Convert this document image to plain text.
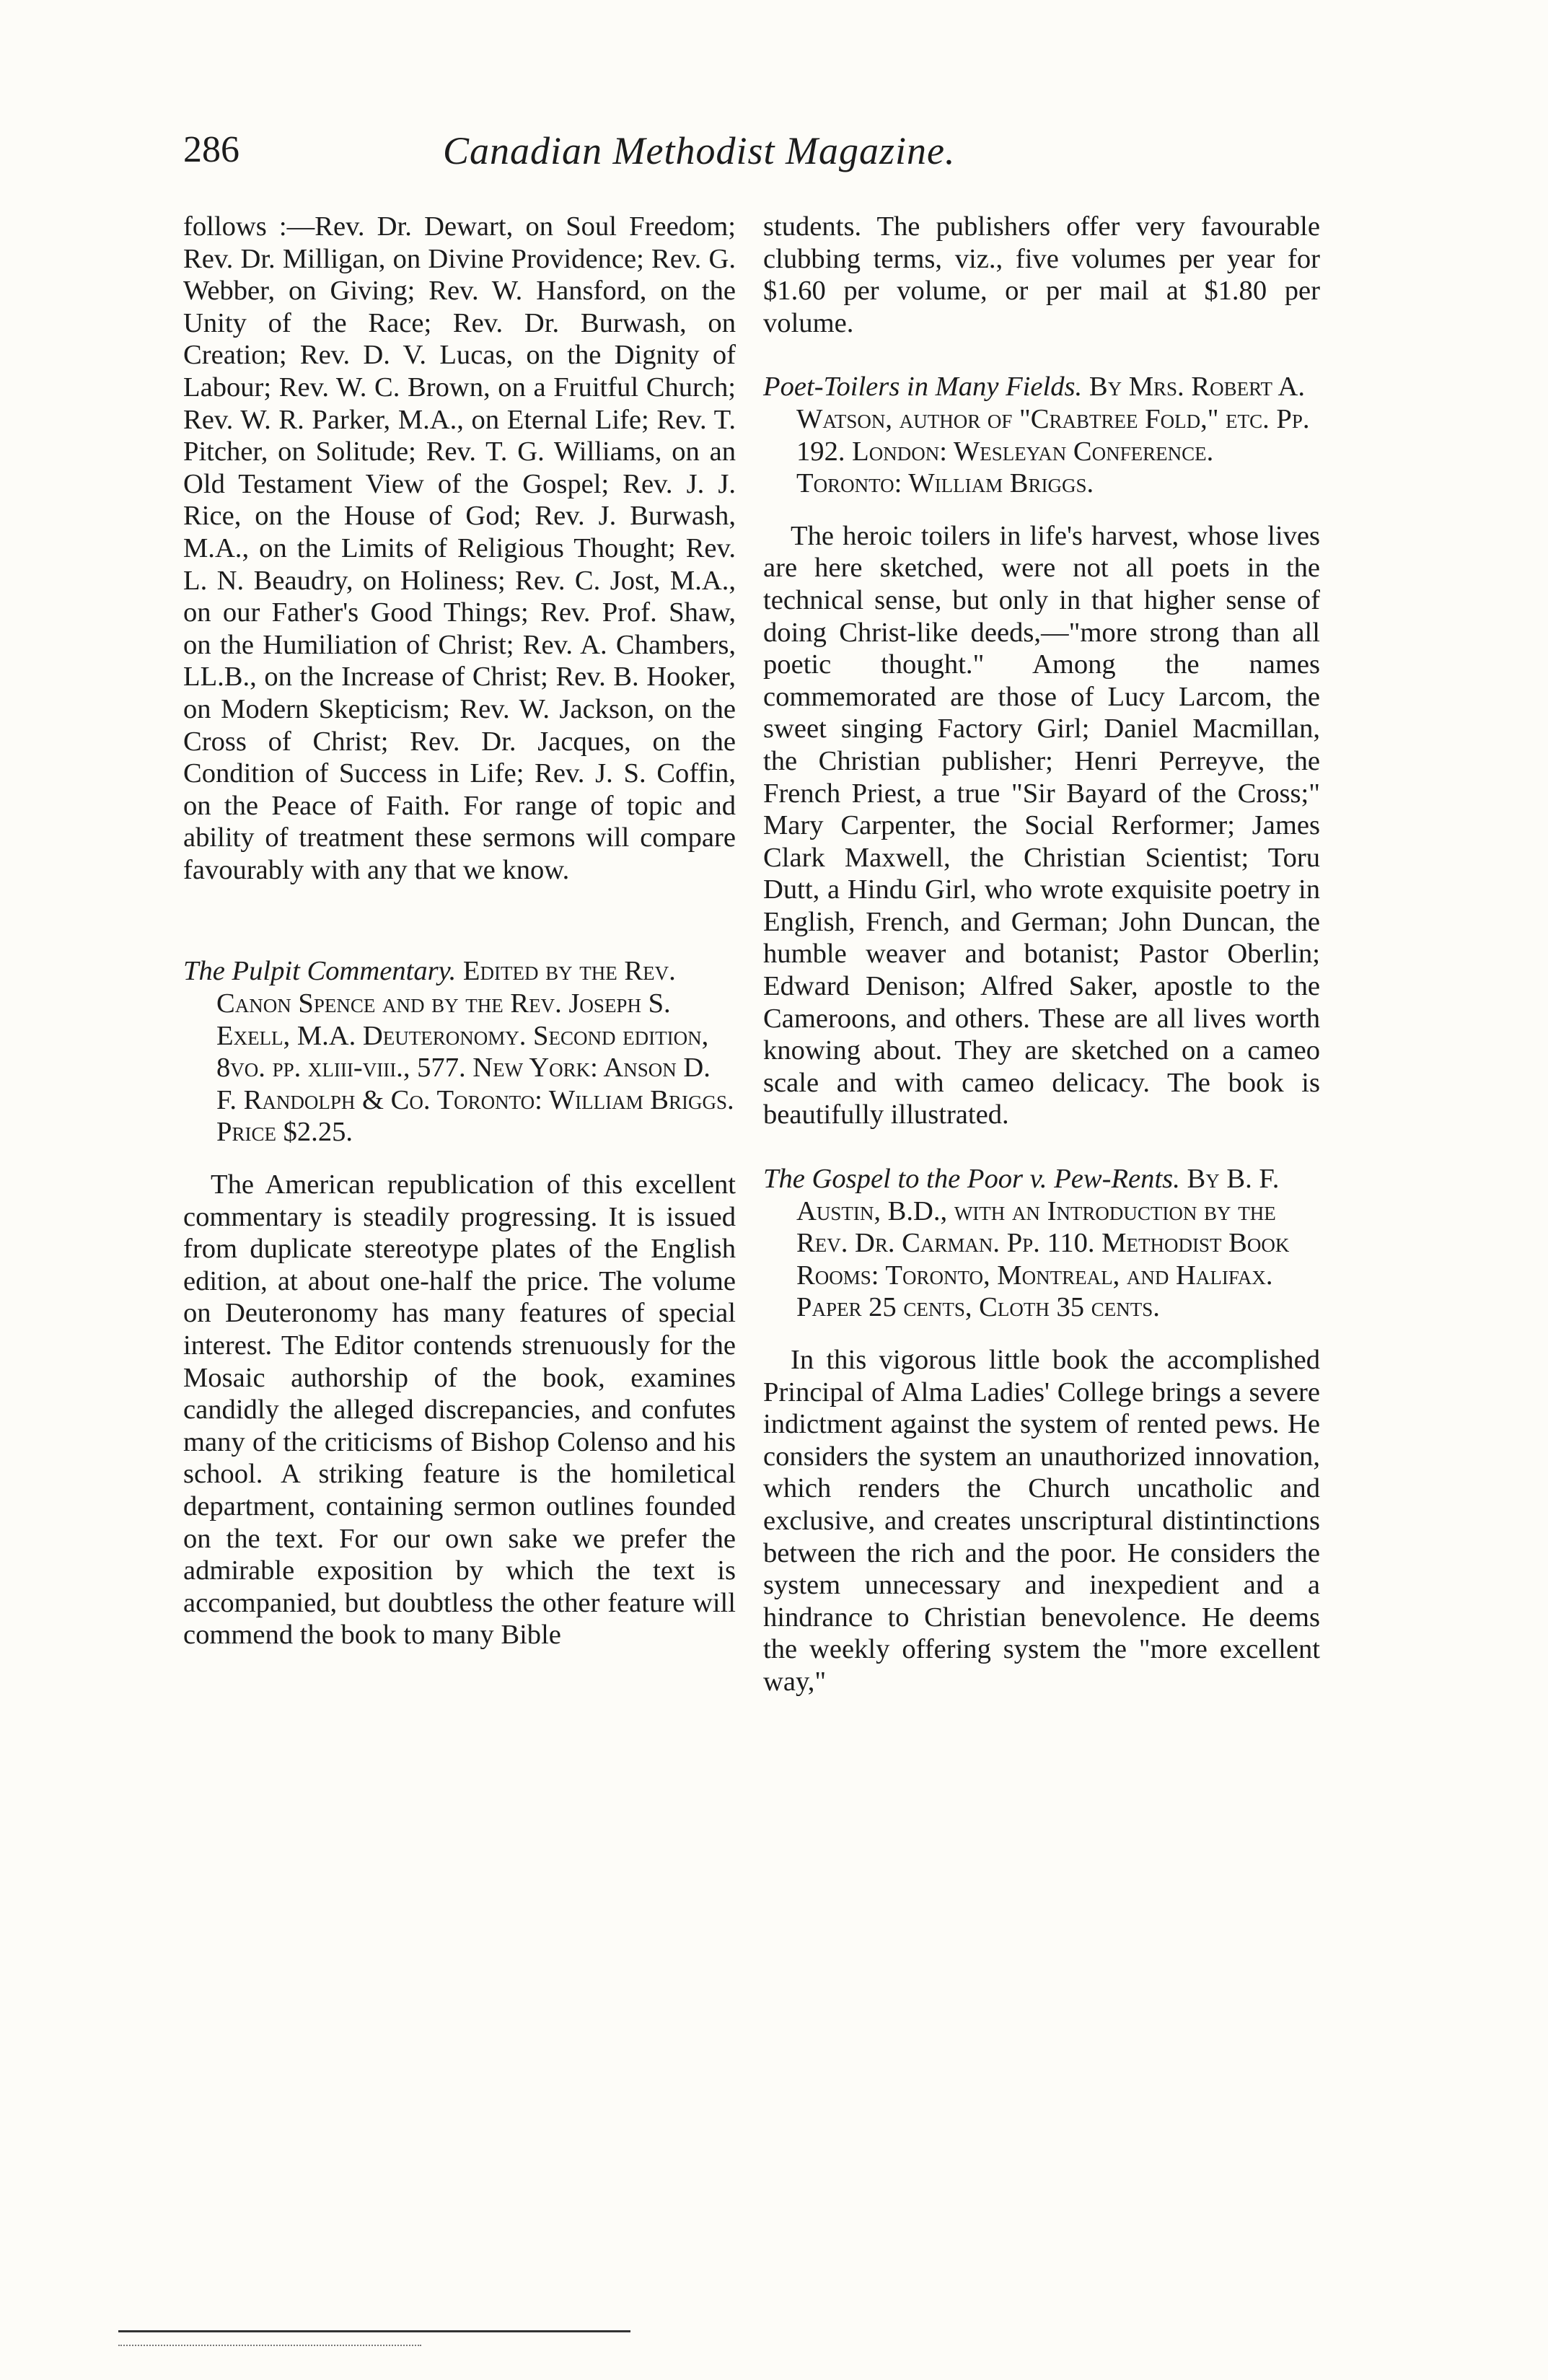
286	Canadian Methodist Magazine.

follows :—Rev. Dr. Dewart, on Soul Freedom; Rev. Dr. Milligan, on Divine Providence; Rev. G. Webber, on Giving; Rev. W. Hansford, on the Unity of the Race; Rev. Dr. Burwash, on Creation; Rev. D. V. Lucas, on the Dignity of Labour; Rev. W. C. Brown, on a Fruitful Church; Rev. W. R. Parker, M.A., on Eternal Life; Rev. T. Pitcher, on Solitude; Rev. T. G. Williams, on an Old Testament View of the Gospel; Rev. J. J. Rice, on the House of God; Rev. J. Burwash, M.A., on the Limits of Religious Thought; Rev. L. N. Beaudry, on Holiness; Rev. C. Jost, M.A., on our Father's Good Things; Rev. Prof. Shaw, on the Humiliation of Christ; Rev. A. Chambers, LL.B., on the Increase of Christ; Rev. B. Hooker, on Modern Skepticism; Rev. W. Jackson, on the Cross of Christ; Rev. Dr. Jacques, on the Condition of Success in Life; Rev. J. S. Coffin, on the Peace of Faith. For range of topic and ability of treatment these sermons will compare favourably with any that we know.

The Pulpit Commentary. Edited by the Rev. Canon Spence and by the Rev. Joseph S. Exell, M.A. Deuteronomy. Second edition, 8vo. pp. xliii-viii., 577. New York: Anson D. F. Randolph & Co. Toronto: William Briggs. Price $2.25.

The American republication of this excellent commentary is steadily progressing. It is issued from duplicate stereotype plates of the English edition, at about one-half the price. The volume on Deuteronomy has many features of special interest. The Editor contends strenuously for the Mosaic authorship of the book, examines candidly the alleged discrepancies, and confutes many of the criticisms of Bishop Colenso and his school. A striking feature is the homiletical department, containing sermon outlines founded on the text. For our own sake we prefer the admirable exposition by which the text is accompanied, but doubtless the other feature will commend the book to many Bible

students. The publishers offer very favourable clubbing terms, viz., five volumes per year for $1.60 per volume, or per mail at $1.80 per volume.

Poet-Toilers in Many Fields. By Mrs. Robert A. Watson, author of "Crabtree Fold," etc. Pp. 192. London: Wesleyan Conference. Toronto: William Briggs.

The heroic toilers in life's harvest, whose lives are here sketched, were not all poets in the technical sense, but only in that higher sense of doing Christ-like deeds,—"more strong than all poetic thought." Among the names commemorated are those of Lucy Larcom, the sweet singing Factory Girl; Daniel Macmillan, the Christian publisher; Henri Perreyve, the French Priest, a true "Sir Bayard of the Cross;" Mary Carpenter, the Social Rerformer; James Clark Maxwell, the Christian Scientist; Toru Dutt, a Hindu Girl, who wrote exquisite poetry in English, French, and German; John Duncan, the humble weaver and botanist; Pastor Oberlin; Edward Denison; Alfred Saker, apostle to the Cameroons, and others. These are all lives worth knowing about. They are sketched on a cameo scale and with cameo delicacy. The book is beautifully illustrated.

The Gospel to the Poor v. Pew-Rents. By B. F. Austin, B.D., with an Introduction by the Rev. Dr. Carman. Pp. 110. Methodist Book Rooms: Toronto, Montreal, and Halifax. Paper 25 cents, Cloth 35 cents.

In this vigorous little book the accomplished Principal of Alma Ladies' College brings a severe indictment against the system of rented pews. He considers the system an unauthorized innovation, which renders the Church uncatholic and exclusive, and creates unscriptural distintinctions between the rich and the poor. He considers the system unnecessary and inexpedient and a hindrance to Christian benevolence. He deems the weekly offering system the "more excellent way,"
